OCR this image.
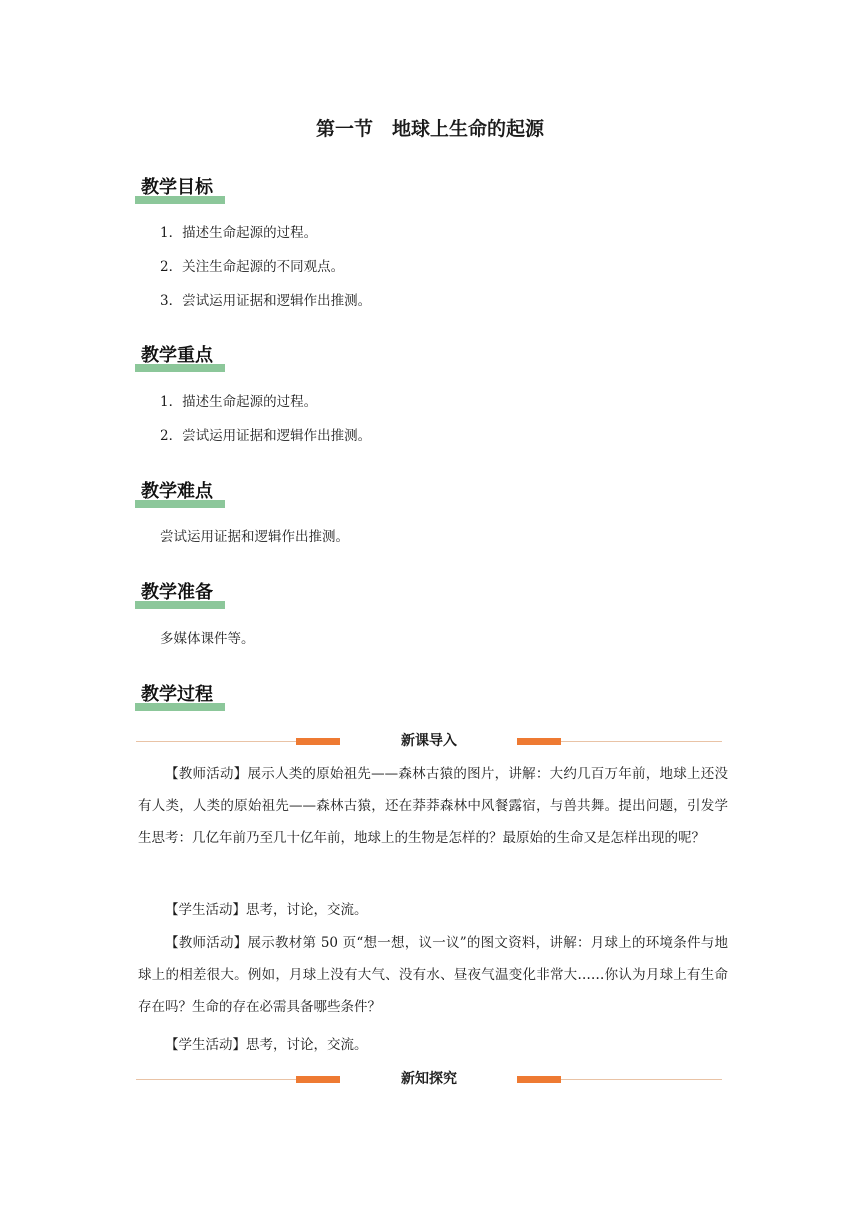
第一节　地球上生命的起源
教学目标
1．描述生命起源的过程。
2．关注生命起源的不同观点。
3．尝试运用证据和逻辑作出推测。
教学重点
1．描述生命起源的过程。
2．尝试运用证据和逻辑作出推测。
教学难点
尝试运用证据和逻辑作出推测。
教学准备
多媒体课件等。
教学过程
新课导入
【教师活动】展示人类的原始祖先——森林古猿的图片，讲解：大约几百万年前，地球上还没有人类，人类的原始祖先——森林古猿，还在莽莽森林中风餐露宿，与兽共舞。提出问题，引发学生思考：几亿年前乃至几十亿年前，地球上的生物是怎样的？最原始的生命又是怎样出现的呢？
【学生活动】思考，讨论，交流。
【教师活动】展示教材第 50 页“想一想，议一议”的图文资料，讲解：月球上的环境条件与地球上的相差很大。例如，月球上没有大气、没有水、昼夜气温变化非常大……你认为月球上有生命存在吗？生命的存在必需具备哪些条件？
【学生活动】思考，讨论，交流。
新知探究
